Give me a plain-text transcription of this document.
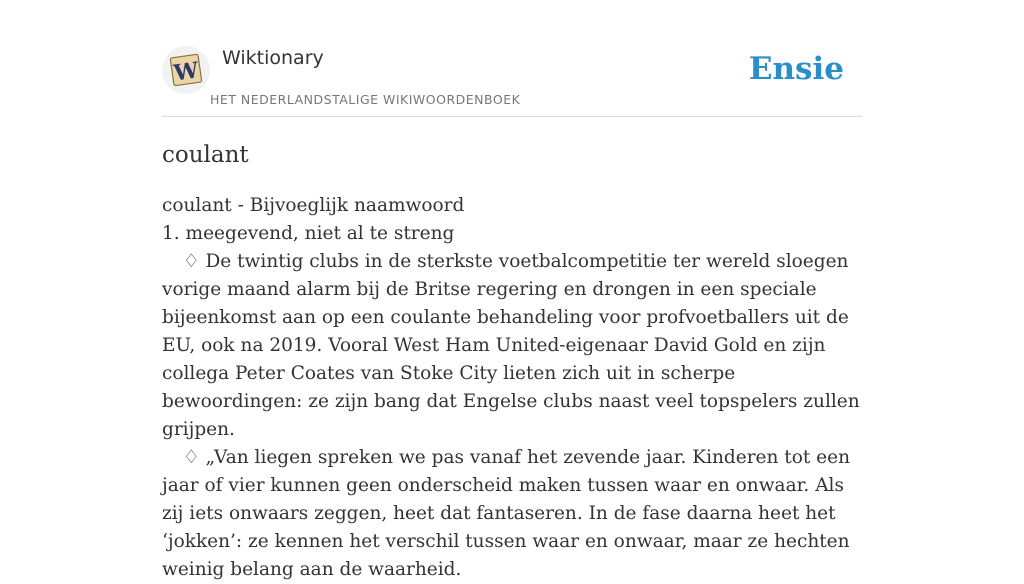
W Wiktionary
HET NEDERLANDSTALIGE WIKIWOORDENBOEK
Ensie
coulant

coulant - Bijvoeglijk naamwoord

1. meegevend, niet al te streng

♢ De twintig clubs in de sterkste voetbalcompetitie ter wereld sloegen vorige maand alarm bij de Britse regering en drongen in een speciale bijeenkomst aan op een coulante behandeling voor profvoetballers uit de EU, ook na 2019. Vooral West Ham United-eigenaar David Gold en zijn collega Peter Coates van Stoke City lieten zich uit in scherpe bewoordingen: ze zijn bang dat Engelse clubs naast veel topspelers zullen grijpen.

♢ „Van liegen spreken we pas vanaf het zevende jaar. Kinderen tot een jaar of vier kunnen geen onderscheid maken tussen waar en onwaar. Als zij iets onwaars zeggen, heet dat fantaseren. In de fase daarna heet het ‘jokken’: ze kennen het verschil tussen waar en onwaar, maar ze hechten weinig belang aan de waarheid.
